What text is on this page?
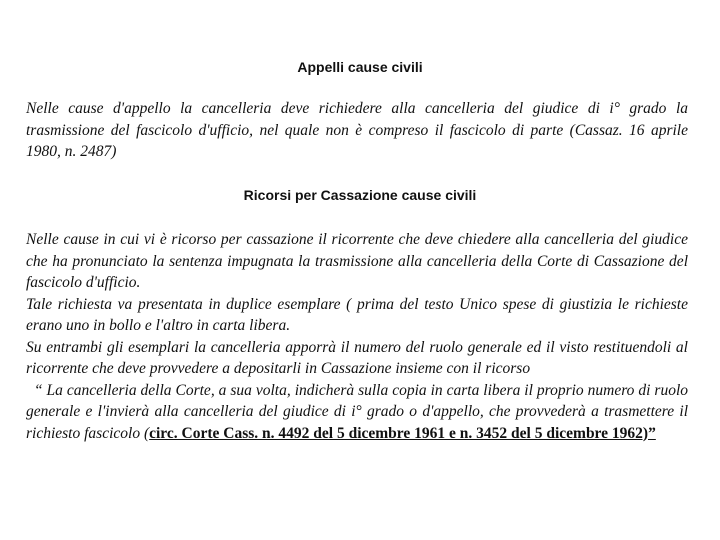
Appelli cause civili

Nelle cause d'appello la cancelleria deve richiedere alla cancelleria del giudice di i° grado la trasmissione del fascicolo d'ufficio, nel quale non è compreso il fascicolo di parte (Cassaz. 16 aprile 1980, n. 2487)

Ricorsi per Cassazione cause civili
Nelle cause in cui vi è ricorso per cassazione il ricorrente che deve chiedere alla cancelleria del giudice che ha pronunciato la sentenza impugnata la trasmissione alla cancelleria della Corte di Cassazione del fascicolo d'ufficio.
Tale richiesta va presentata in duplice esemplare ( prima del testo Unico spese di giustizia le richieste erano uno in bollo e l'altro in carta libera.
Su entrambi gli esemplari la cancelleria apporrà il numero del ruolo generale ed il visto restituendoli al ricorrente che deve provvedere a depositarli in Cassazione insieme con il ricorso
“ La cancelleria della Corte, a sua volta, indicherà sulla copia in carta libera il proprio numero di ruolo generale e l'invierà alla cancelleria del giudice di i° grado o d'appello, che provvederà a trasmettere il richiesto fascicolo (circ. Corte Cass. n. 4492 del 5 dicembre 1961 e n. 3452 del 5 dicembre 1962)”
